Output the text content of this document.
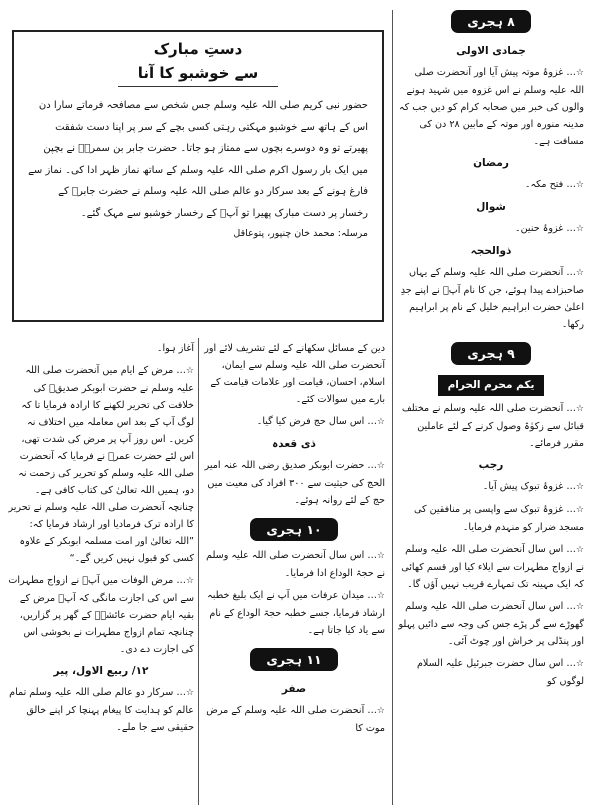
۸ ہجری
جمادی الاولی

☆… غزوۂ موتہ پیش آیا اور آنحضرت صلی اللہ علیہ وسلم نے اس غزوہ میں شہید ہونے والوں کی خبر میں صحابہ کرام کو دیں جب کہ مدینہ منورہ اور موتہ کے مابین ۲۸ دن کی مسافت ہے۔

رمضان

☆… فتح مکہ۔

شوال

☆… غزوۂ حنین۔

ذوالحجہ

☆… آنحضرت صلی اللہ علیہ وسلم کے یہاں صاحبزادے پیدا ہوئے، جن کا نام آپؐ نے اپنے جدِ اعلیٰ حضرت ابراہیم خلیل کے نام پر ابراہیم رکھا۔

۹ ہجری
یکم محرم الحرام

☆… آنحضرت صلی اللہ علیہ وسلم نے مختلف قبائل سے زکوٰۃ وصول کرنے کے لئے عاملین مقرر فرمائے۔

رجب

☆… غزوۂ تبوک پیش آیا۔

☆… غزوۂ تبوک سے واپسی پر منافقین کی مسجد ضرار کو منہدم فرمایا۔

☆… اس سال آنحضرت صلی اللہ علیہ وسلم نے ازواج مطہرات سے ایلاء کیا اور قسم کھائی کہ ایک مہینہ تک تمہارے قریب نہیں آؤں گا۔

☆… اس سال آنحضرت صلی اللہ علیہ وسلم گھوڑے سے گر پڑے جس کی وجہ سے دائیں پہلو اور پنڈلی پر خراش اور چوٹ آئی۔

☆… اس سال حضرت جبرئیل علیہ السلام لوگوں کو

دستِ مبارک
سے خوشبو کا آنا
حضور نبی کریم صلی اللہ علیہ وسلم جس شخص سے مصافحہ فرماتے سارا دن اس کے ہاتھ سے خوشبو مہکتی رہتی کسی بچے کے سر پر اپنا دست شفقت پھیرتے تو وہ دوسرے بچوں سے ممتاز ہو جاتا۔ حضرت جابر بن سمرہؓ نے بچپن میں ایک بار رسول اکرم صلی اللہ علیہ وسلم کے ساتھ نماز ظہر ادا کی۔ نماز سے فارغ ہونے کے بعد سرکار دو عالم صلی اللہ علیہ وسلم نے حضرت جابرؓ کے رخسار پر دست مبارک پھیرا تو آپؐ کے رخسار خوشبو سے مہک گئے۔
مرسلہ: محمد خان چنپور، پتوعاقل

دین کے مسائل سکھانے کے لئے تشریف لائے اور آنحضرت صلی اللہ علیہ وسلم سے ایمان، اسلام، احسان، قیامت اور علامات قیامت کے بارے میں سوالات کئے۔

☆… اس سال حج فرض کیا گیا۔

ذی قعدہ

☆… حضرت ابوبکر صدیق رضی اللہ عنہ امیر الحج کی حیثیت سے ۳۰۰ افراد کی معیت میں حج کے لئے روانہ ہوئے۔

۱۰ ہجری

☆… اس سال آنحضرت صلی اللہ علیہ وسلم نے حجۃ الوداع ادا فرمایا۔

☆… میدان عرفات میں آپ نے ایک بلیغ خطبہ ارشاد فرمایا، جسے خطبہ حجۃ الوداع کے نام سے یاد کیا جاتا ہے۔

۱۱ ہجری
صفر

☆… آنحضرت صلی اللہ علیہ وسلم کے مرض موت کا

آغاز ہوا۔

☆… مرض کے ایام میں آنحضرت صلی اللہ علیہ وسلم نے حضرت ابوبکر صدیقؓ کی خلافت کی تحریر لکھنے کا ارادہ فرمایا تا کہ لوگ آپ کے بعد اس معاملہ میں اختلاف نہ کریں۔ اس روز آپ پر مرض کی شدت تھی، اس لئے حضرت عمرؓ نے فرمایا کہ آنحضرت صلی اللہ علیہ وسلم کو تحریر کی زحمت نہ دو، ہمیں اللہ تعالیٰ کی کتاب کافی ہے۔ چنانچہ آنحضرت صلی اللہ علیہ وسلم نے تحریر کا ارادہ ترک فرمادیا اور ارشاد فرمایا کہ: ”اللہ تعالیٰ اور امت مسلمہ ابوبکر کے علاوہ کسی کو قبول نہیں کریں گے۔“

☆… مرض الوفات میں آپؐ نے ازواج مطہرات سے اس کی اجازت مانگی کہ آپؐ مرض کے بقیہ ایام حضرت عائشہؓ کے گھر پر گزاریں، چنانچہ تمام ازواج مطہرات نے بخوشی اس کی اجازت دے دی۔

۱۲/ ربیع الاول، پیر

☆… سرکار دو عالم صلی اللہ علیہ وسلم تمام عالم کو ہدایت کا پیغام پہنچا کر اپنے خالق حقیقی سے جا ملے۔
